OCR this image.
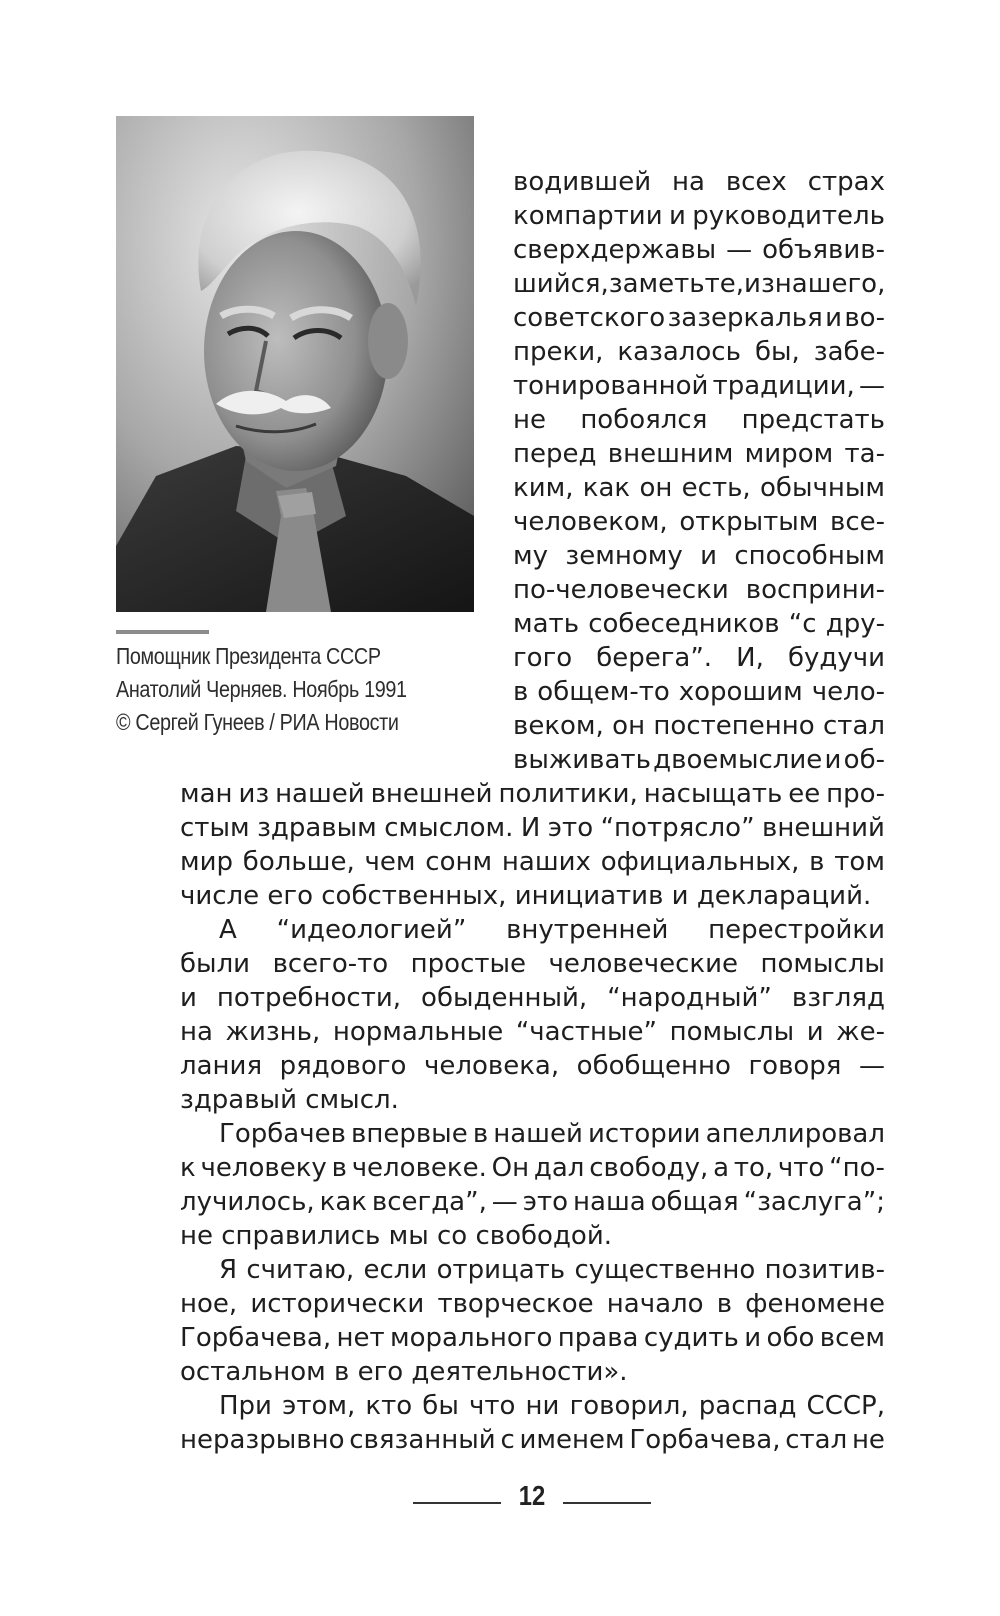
Помощник Президента СССР
Анатолий Черняев. Ноябрь 1991
© Сергей Гунеев / РИА Новости
водившей на всех страх
компартии и руководитель
сверхдержавы — объявив-
шийся, заметьте, из нашего,
советского зазеркалья и во-
преки, казалось бы, забе-
тонированной традиции, —
не побоялся предстать
перед внешним миром та-
ким, как он есть, обычным
человеком, открытым все-
му земному и способным
по-человечески восприни-
мать собеседников “с дру-
гого берега”. И, будучи
в общем-то хорошим чело-
веком, он постепенно стал
выживать двоемыслие и об-
ман из нашей внешней политики, насыщать ее про-
стым здравым смыслом. И это “потрясло” внешний
мир больше, чем сонм наших официальных, в том
числе его собственных, инициатив и деклараций.
А “идеологией” внутренней перестройки
были всего-то простые человеческие помыслы
и потребности, обыденный, “народный” взгляд
на жизнь, нормальные “частные” помыслы и же-
лания рядового человека, обобщенно говоря —
здравый смысл.
Горбачев впервые в нашей истории апеллировал
к человеку в человеке. Он дал свободу, а то, что “по-
лучилось, как всегда”, — это наша общая “заслуга”;
не справились мы со свободой.
Я считаю, если отрицать существенно позитив-
ное, исторически творческое начало в феномене
Горбачева, нет морального права судить и обо всем
остальном в его деятельности».
При этом, кто бы что ни говорил, распад СССР,
неразрывно связанный с именем Горбачева, стал не
12
